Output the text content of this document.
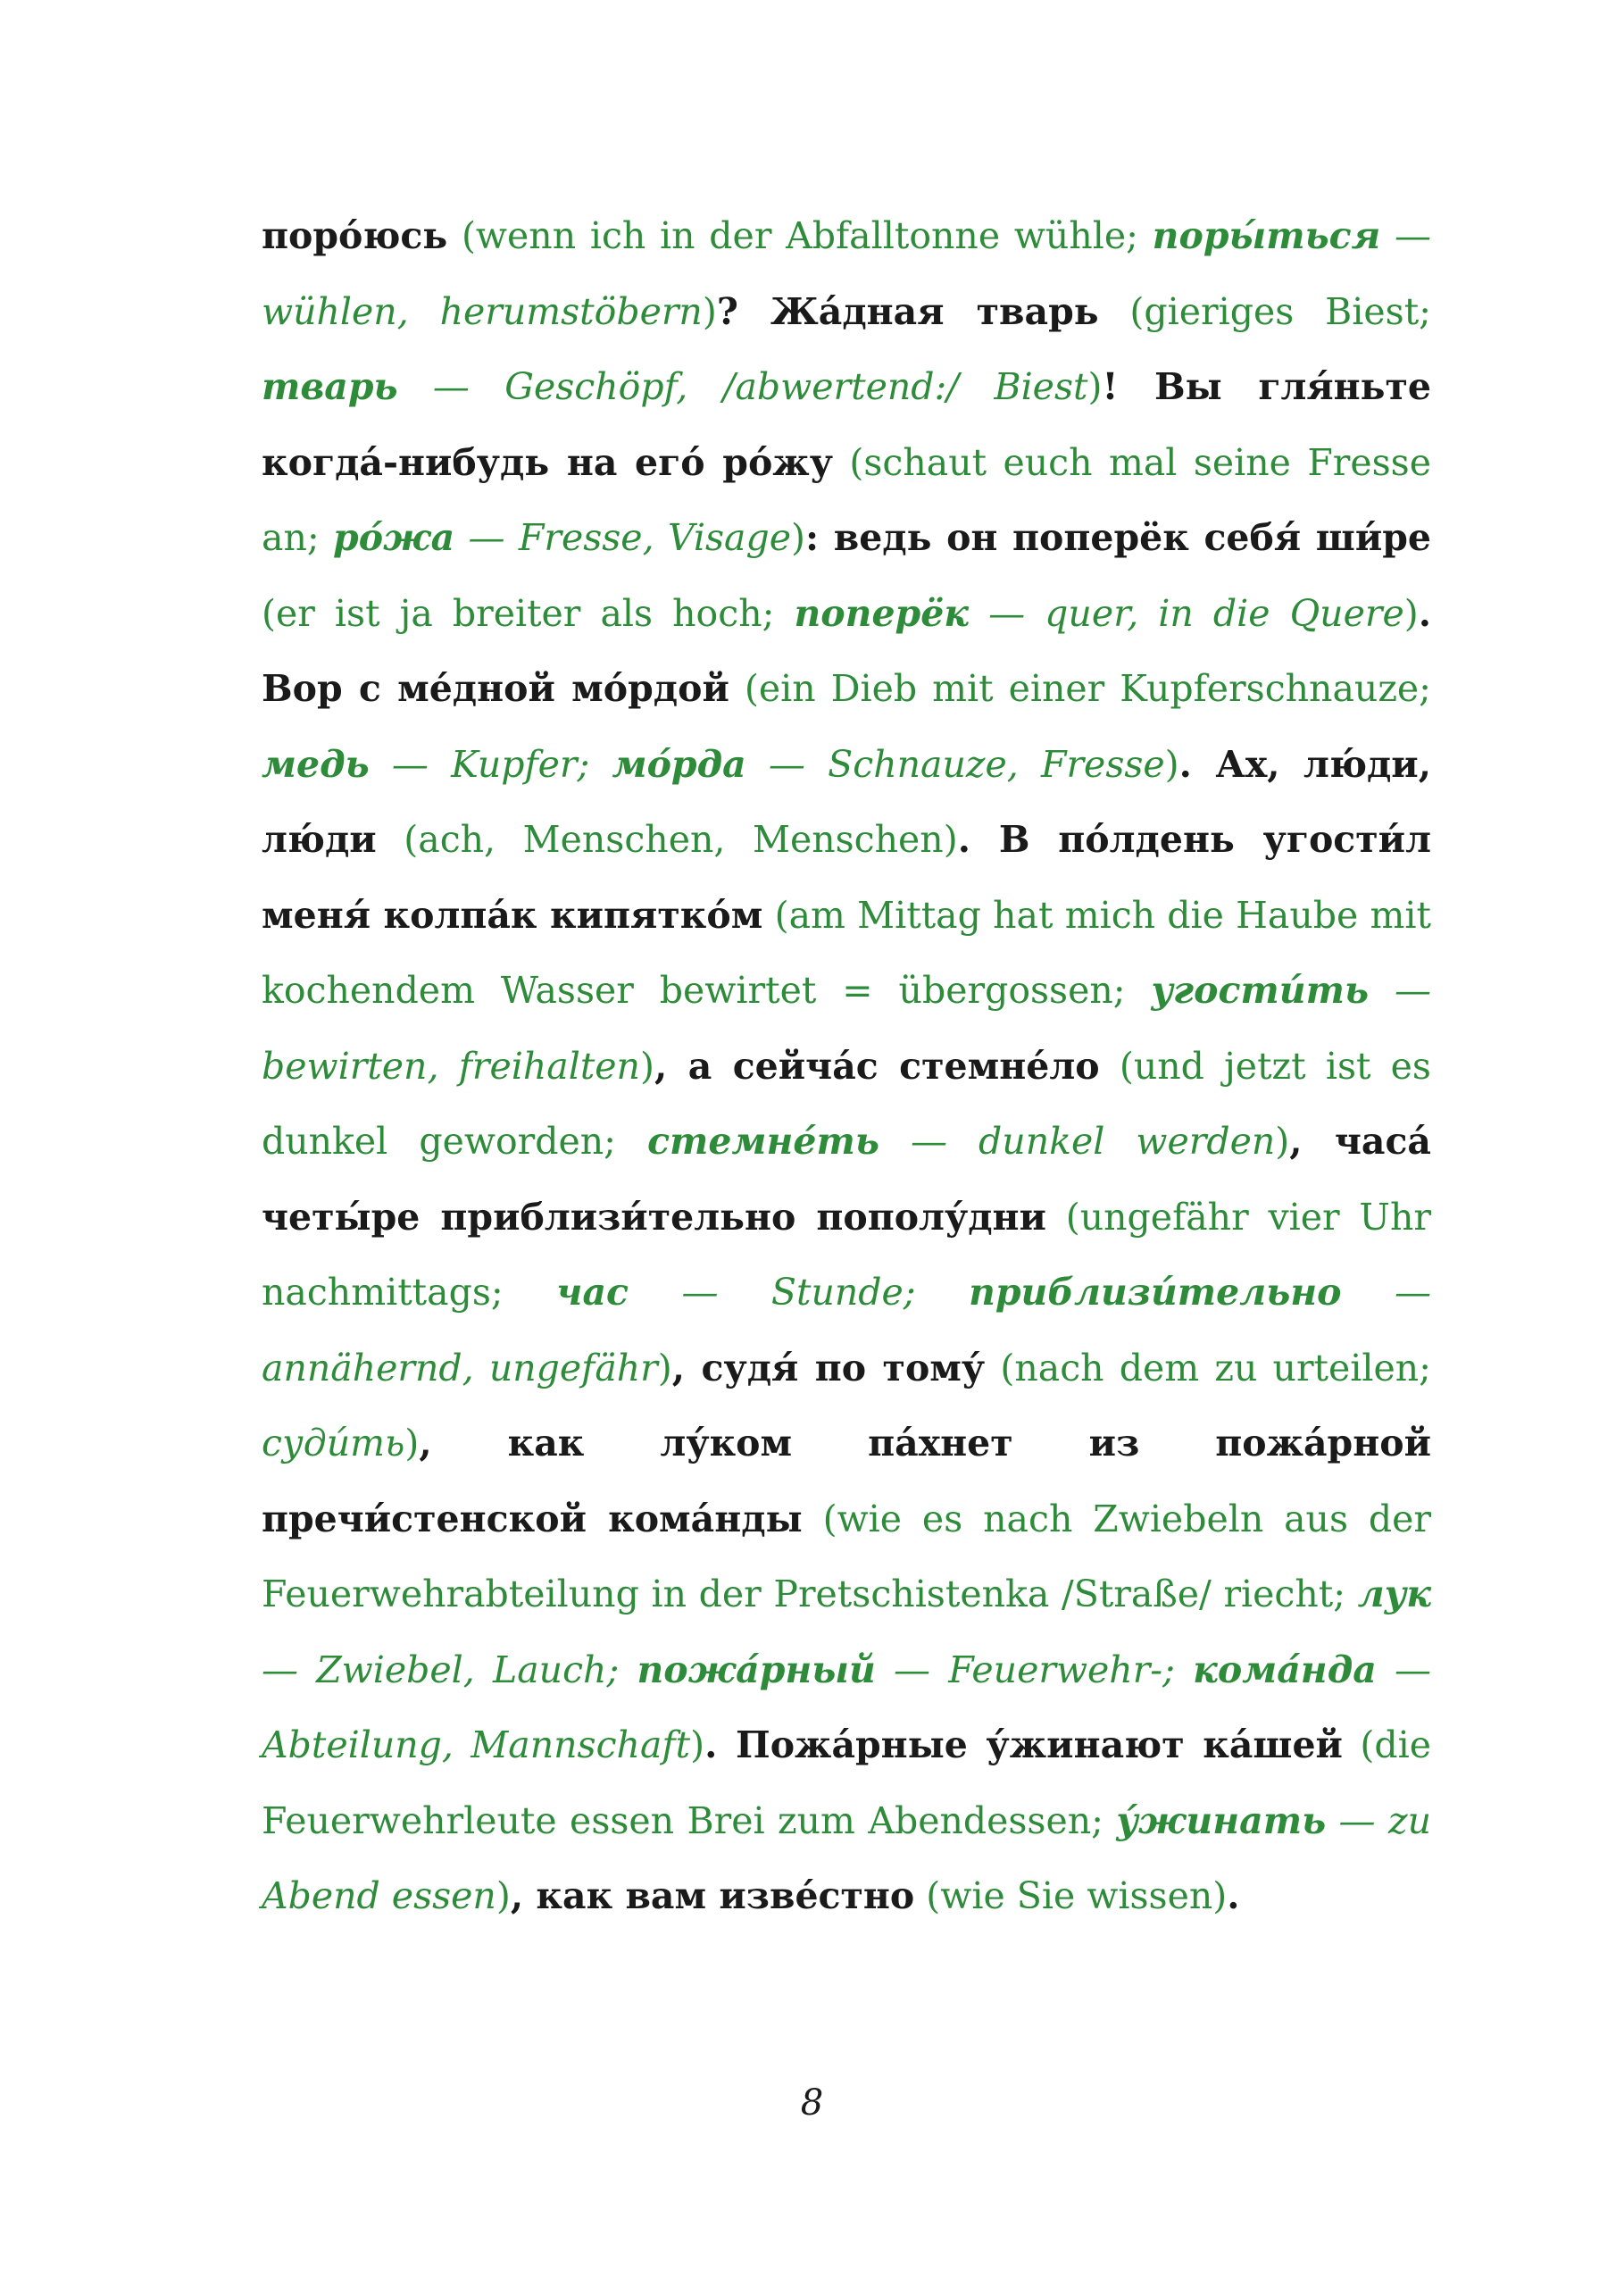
поро́юсь (wenn ich in der Abfalltonne wühle; поры́ться — wühlen, herumstöbern)? Жа́дная тварь (gieriges Biest; тварь — Geschöpf, /abwertend:/ Biest)! Вы гля́ньте когда́-нибудь на его́ ро́жу (schaut euch mal seine Fresse an; ро́жа — Fresse, Visage): ведь он поперёк себя́ ши́ре (er ist ja breiter als hoch; поперёк — quer, in die Quere). Вор с ме́дной мо́рдой (ein Dieb mit einer Kupferschnauze; медь — Kupfer; мо́рда — Schnauze, Fresse). Ах, лю́ди, лю́ди (ach, Menschen, Menschen). В по́лдень угости́л меня́ колпа́к кипятко́м (am Mittag hat mich die Haube mit kochendem Wasser bewirtet = übergossen; угости́ть — bewirten, freihalten), а сейча́с стемне́ло (und jetzt ist es dunkel geworden; стемне́ть — dunkel werden), часа́ четы́ре приблизи́тельно пополу́дни (ungefähr vier Uhr nachmittags; час — Stunde; приблизи́тельно — annähernd, ungefähr), судя́ по тому́ (nach dem zu urteilen; суди́ть), как лу́ком па́хнет из пожа́рной пречи́стенской кома́нды (wie es nach Zwiebeln aus der Feuerwehrabteilung in der Pretschistenka /Straße/ riecht; лук — Zwiebel, Lauch; пожа́рный — Feuerwehr-; кома́нда — Abteilung, Mannschaft). Пожа́рные у́жинают ка́шей (die Feuerwehrleute essen Brei zum Abendessen; у́жинать — zu Abend essen), как вам изве́стно (wie Sie wissen).
8
